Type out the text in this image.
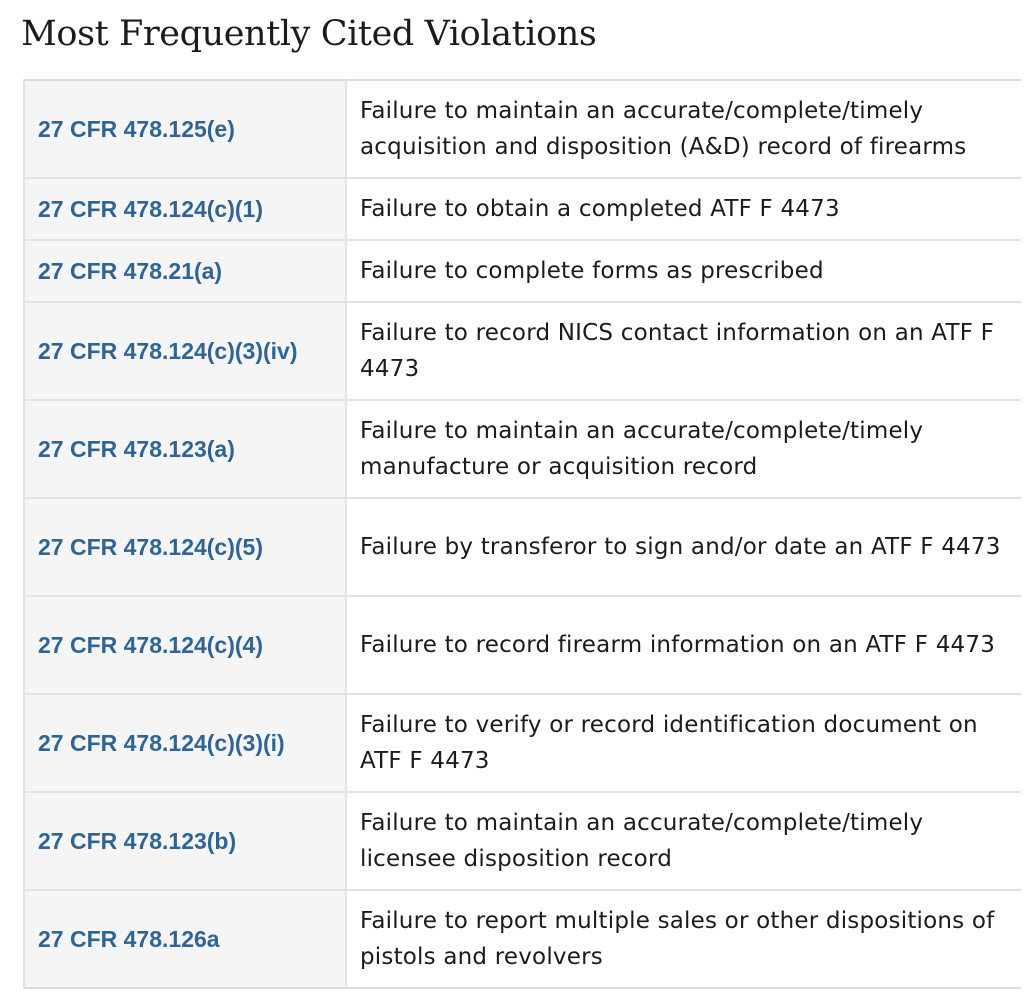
Most Frequently Cited Violations
27 CFR 478.125(e)	Failure to maintain an accurate/complete/timely acquisition and disposition (A&D) record of firearms

27 CFR 478.124(c)(1)	Failure to obtain a completed ATF F 4473

27 CFR 478.21(a)	Failure to complete forms as prescribed

27 CFR 478.124(c)(3)(iv)	Failure to record NICS contact information on an ATF F 4473

27 CFR 478.123(a)	Failure to maintain an accurate/complete/timely manufacture or acquisition record

27 CFR 478.124(c)(5)	Failure by transferor to sign and/or date an ATF F 4473

27 CFR 478.124(c)(4)	Failure to record firearm information on an ATF F 4473

27 CFR 478.124(c)(3)(i)	Failure to verify or record identification document on ATF F 4473

27 CFR 478.123(b)	Failure to maintain an accurate/complete/timely licensee disposition record

27 CFR 478.126a	Failure to report multiple sales or other dispositions of pistols and revolvers
